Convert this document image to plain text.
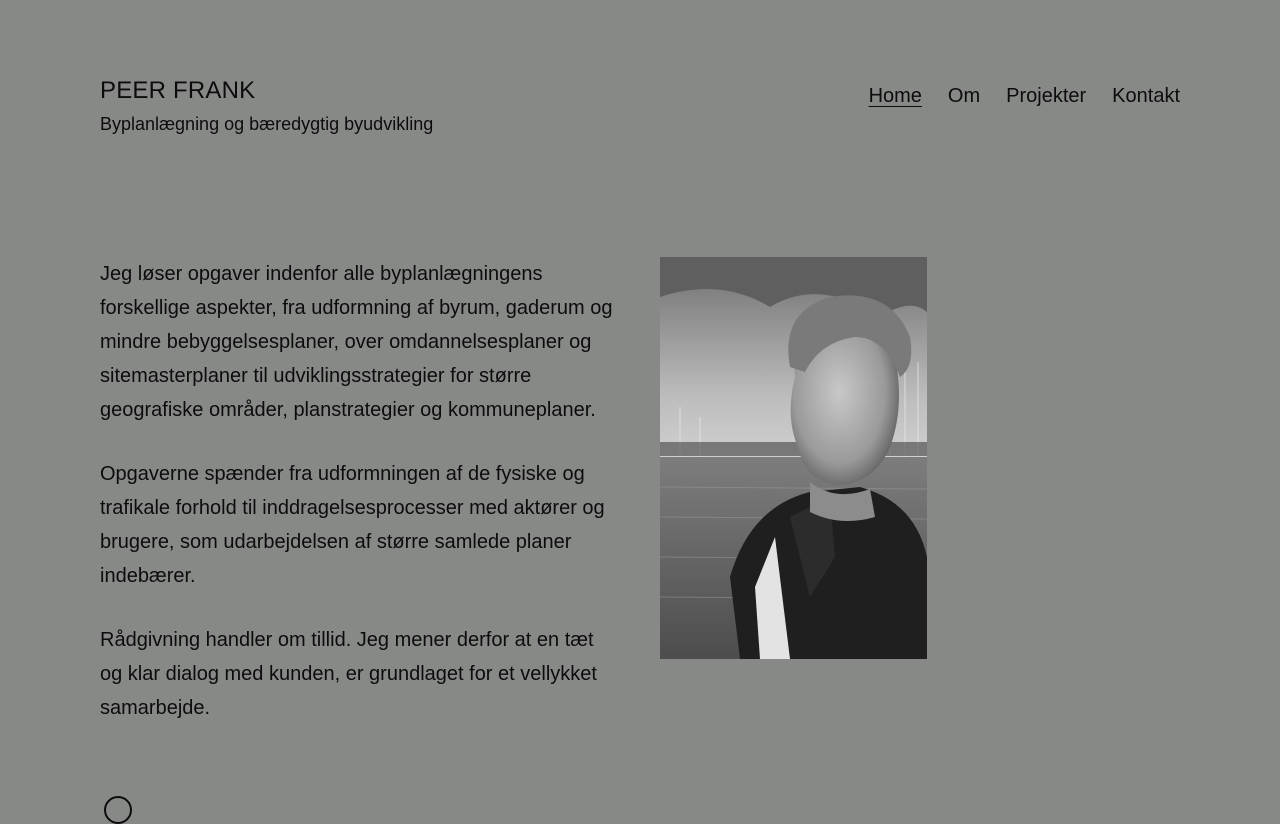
PEER FRANK
Byplanlægning og bæredygtig byudvikling
Home Om Projekter Kontakt

Jeg løser opgaver indenfor alle byplanlægningens forskellige aspekter, fra udformning af byrum, gaderum og mindre bebyggelsesplaner, over omdannelsesplaner og sitemasterplaner til udviklingsstrategier for større geografiske områder, planstrategier og kommuneplaner.

Opgaverne spænder fra udformningen af de fysiske og trafikale forhold til inddragelsesprocesser med aktører og brugere, som udarbejdelsen af større samlede planer indebærer.

Rådgivning handler om tillid. Jeg mener derfor at en tæt og klar dialog med kunden, er grundlaget for et vellykket samarbejde.
